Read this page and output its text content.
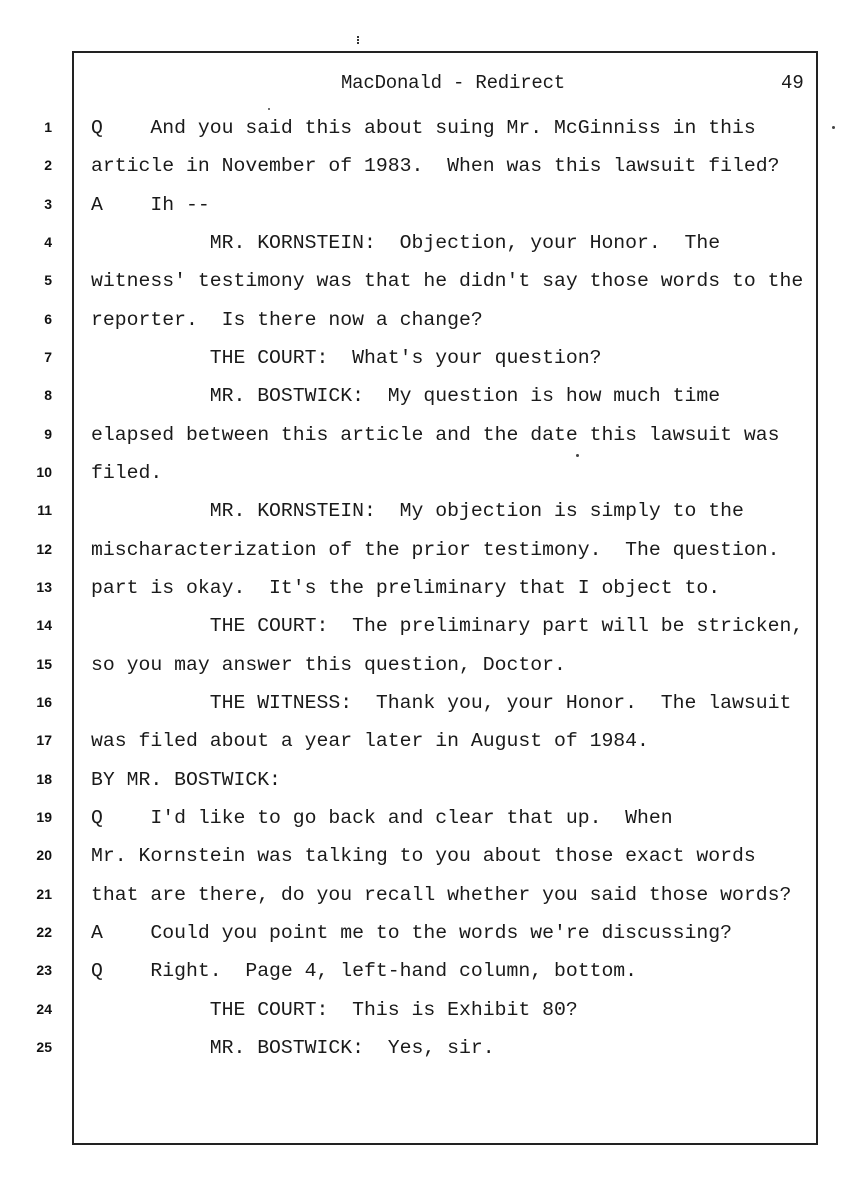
MacDonald - Redirect	49
1 Q    And you said this about suing Mr. McGinniss in this
2 article in November of 1983.  When was this lawsuit filed?
3 A    Ih --
4 MR. KORNSTEIN:  Objection, your Honor.  The
5 witness' testimony was that he didn't say those words to the
6 reporter.  Is there now a change?
7 THE COURT:  What's your question?
8 MR. BOSTWICK:  My question is how much time
9 elapsed between this article and the date this lawsuit was
10 filed.
11 MR. KORNSTEIN:  My objection is simply to the
12 mischaracterization of the prior testimony.  The question.
13 part is okay.  It's the preliminary that I object to.
14 THE COURT:  The preliminary part will be stricken,
15 so you may answer this question, Doctor.
16 THE WITNESS:  Thank you, your Honor.  The lawsuit
17 was filed about a year later in August of 1984.
18 BY MR. BOSTWICK:
19 Q    I'd like to go back and clear that up.  When
20 Mr. Kornstein was talking to you about those exact words
21 that are there, do you recall whether you said those words?
22 A    Could you point me to the words we're discussing?
23 Q    Right.  Page 4, left-hand column, bottom.
24 THE COURT:  This is Exhibit 80?
25 MR. BOSTWICK:  Yes, sir.
